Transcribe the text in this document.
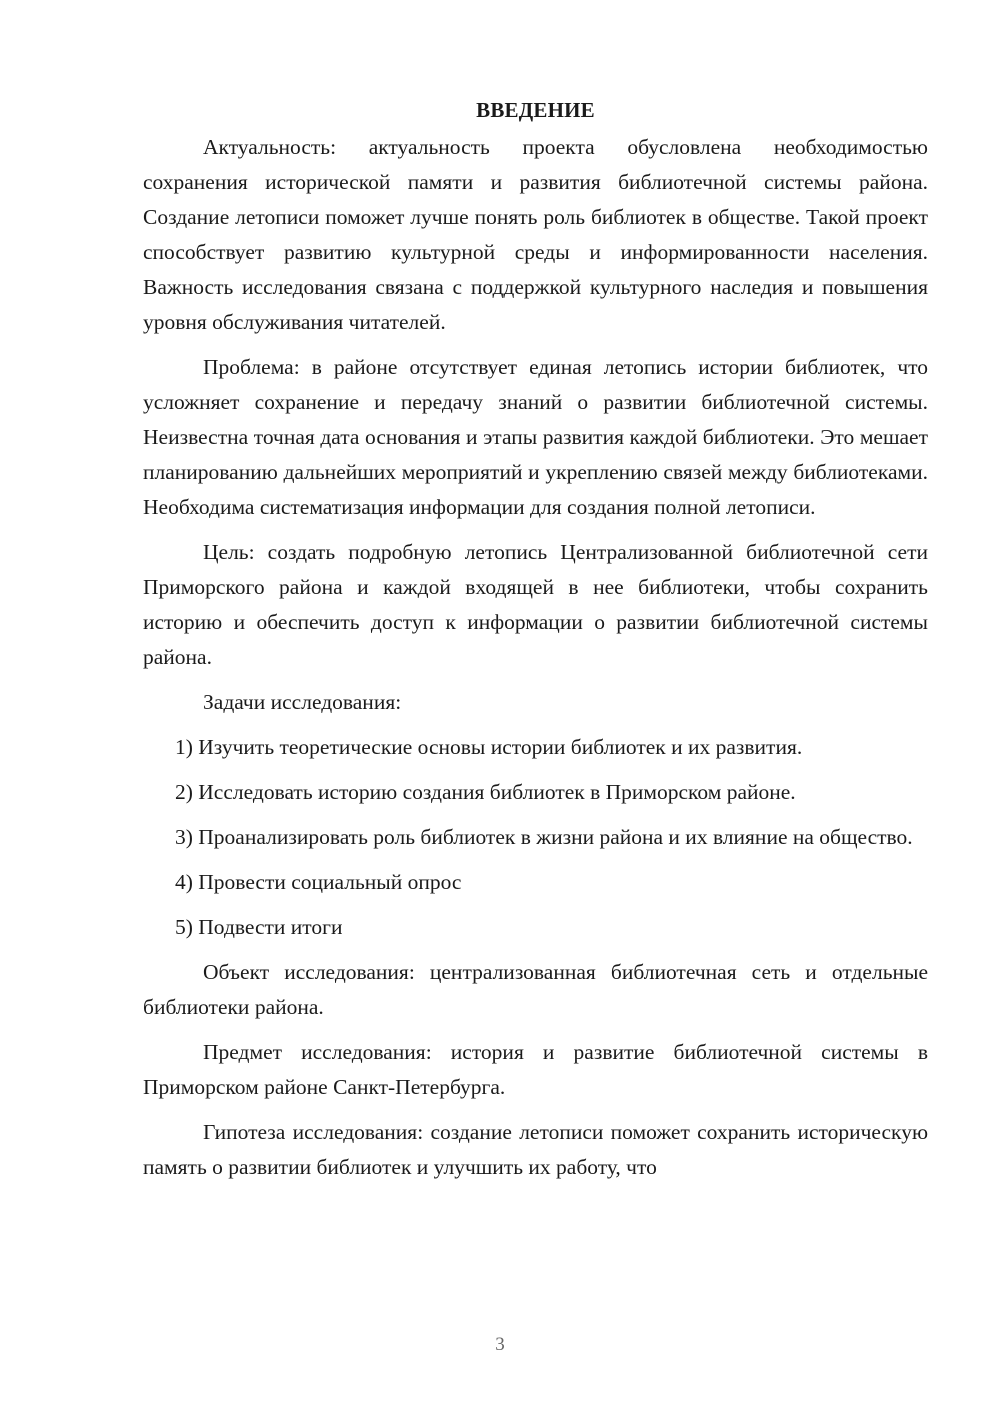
ВВЕДЕНИЕ

Актуальность: актуальность проекта обусловлена необходимостью сохранения исторической памяти и развития библиотечной системы района. Создание летописи поможет лучше понять роль библиотек в обществе. Такой проект способствует развитию культурной среды и информированности населения. Важность исследования связана с поддержкой культурного наследия и повышения уровня обслуживания читателей.

Проблема: в районе отсутствует единая летопись истории библиотек, что усложняет сохранение и передачу знаний о развитии библиотечной системы. Неизвестна точная дата основания и этапы развития каждой библиотеки. Это мешает планированию дальнейших мероприятий и укреплению связей между библиотеками. Необходима систематизация информации для создания полной летописи.

Цель: создать подробную летопись Централизованной библиотечной сети Приморского района и каждой входящей в нее библиотеки, чтобы сохранить историю и обеспечить доступ к информации о развитии библиотечной системы района.

Задачи исследования:

1) Изучить теоретические основы истории библиотек и их развития.

2) Исследовать историю создания библиотек в Приморском районе.

3) Проанализировать роль библиотек в жизни района и их влияние на общество.

4) Провести социальный опрос

5) Подвести итоги

Объект исследования: централизованная библиотечная сеть и отдельные библиотеки района.

Предмет исследования: история и развитие библиотечной системы в Приморском районе Санкт-Петербурга.

Гипотеза исследования: создание летописи поможет сохранить историческую память о развитии библиотек и улучшить их работу, что

3
